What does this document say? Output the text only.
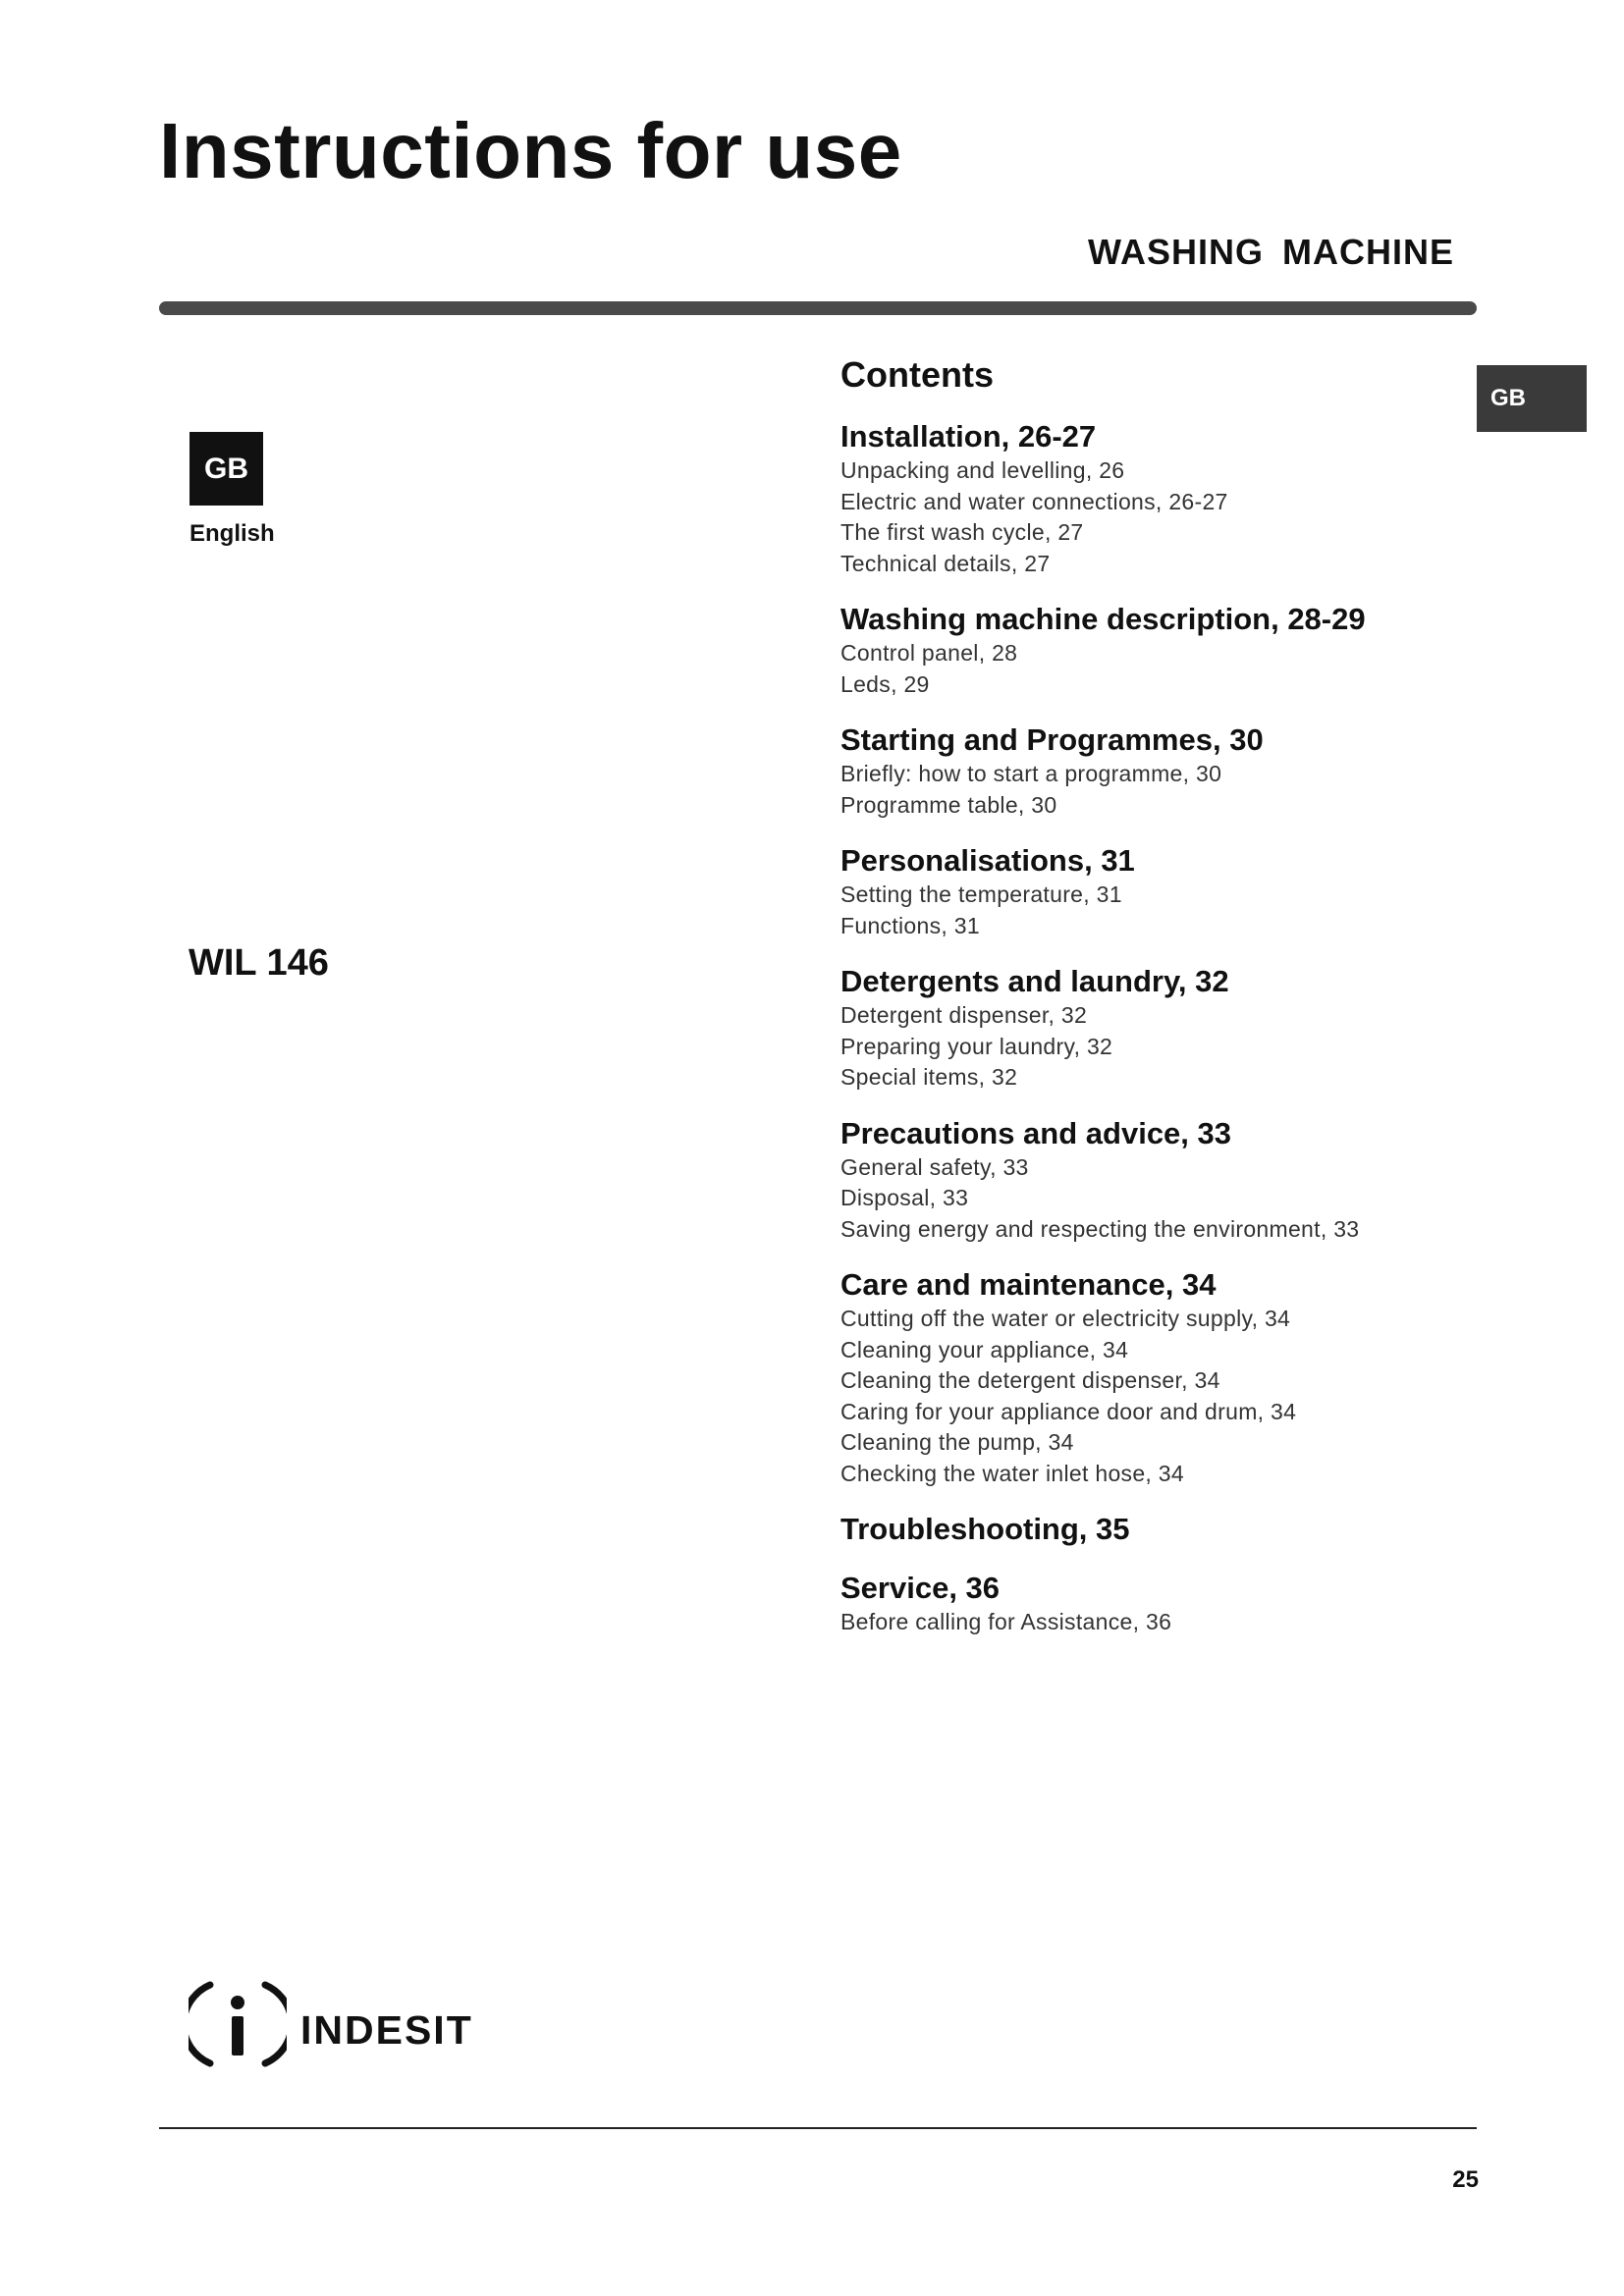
Instructions for use
WASHING MACHINE
GB
GB
English
WIL 146
Contents
Installation, 26-27
Unpacking and levelling, 26
Electric and water connections, 26-27
The first wash cycle, 27
Technical details, 27
Washing machine description, 28-29
Control panel, 28
Leds, 29
Starting and Programmes, 30
Briefly: how to start a programme, 30
Programme table, 30
Personalisations, 31
Setting the temperature, 31
Functions, 31
Detergents and laundry, 32
Detergent dispenser, 32
Preparing your laundry, 32
Special items, 32
Precautions and advice, 33
General safety, 33
Disposal, 33
Saving energy and respecting the environment, 33
Care and maintenance, 34
Cutting off the water or electricity supply, 34
Cleaning your appliance, 34
Cleaning the detergent dispenser, 34
Caring for your appliance door and drum, 34
Cleaning the pump, 34
Checking the water inlet hose, 34
Troubleshooting, 35
Service, 36
Before calling for Assistance, 36
indesit
25
